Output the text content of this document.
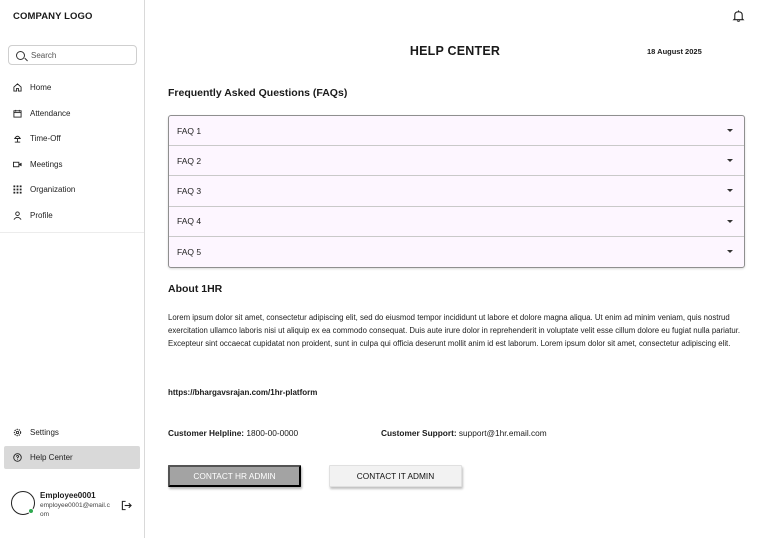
COMPANY LOGO
Search
Home
Attendance
Time-Off
Meetings
Organization
Profile
Settings
Help Center
Employee0001
employee0001@email.com
HELP CENTER	18 August 2025
Frequently Asked Questions (FAQs)
FAQ 1
FAQ 2
FAQ 3
FAQ 4
FAQ 5
About 1HR

Lorem ipsum dolor sit amet, consectetur adipiscing elit, sed do eiusmod tempor incididunt ut labore et dolore magna aliqua. Ut enim ad minim veniam, quis nostrud exercitation ullamco laboris nisi ut aliquip ex ea commodo consequat. Duis aute irure dolor in reprehenderit in voluptate velit esse cillum dolore eu fugiat nulla pariatur. Excepteur sint occaecat cupidatat non proident, sunt in culpa qui officia deserunt mollit anim id est laborum. Lorem ipsum dolor sit amet, consectetur adipiscing elit.

https://bhargavsrajan.com/1hr-platform
Customer Helpline: 1800-00-0000	Customer Support: support@1hr.email.com
CONTACT HR ADMIN	CONTACT IT ADMIN
